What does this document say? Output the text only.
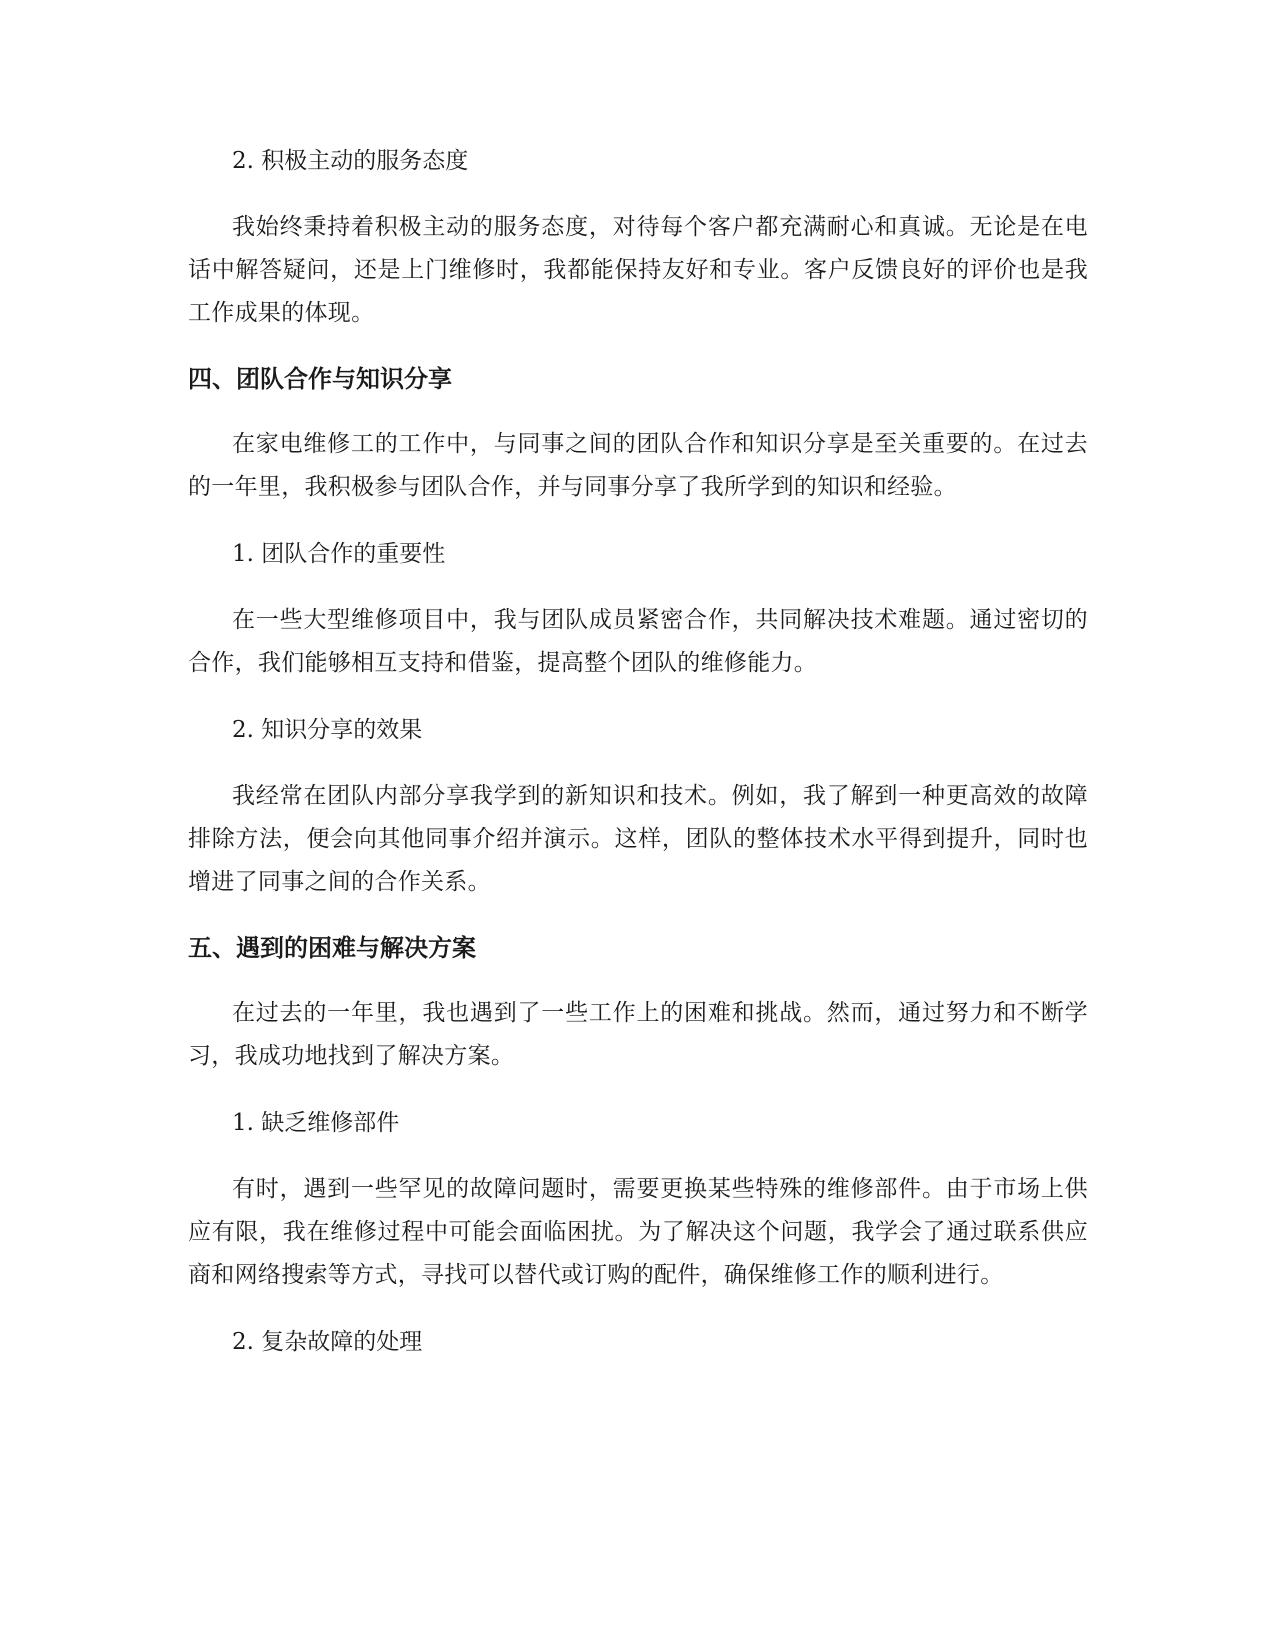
2. 积极主动的服务态度

我始终秉持着积极主动的服务态度，对待每个客户都充满耐心和真诚。无论是在电话中解答疑问，还是上门维修时，我都能保持友好和专业。客户反馈良好的评价也是我工作成果的体现。

四、团队合作与知识分享

在家电维修工的工作中，与同事之间的团队合作和知识分享是至关重要的。在过去的一年里，我积极参与团队合作，并与同事分享了我所学到的知识和经验。

1. 团队合作的重要性

在一些大型维修项目中，我与团队成员紧密合作，共同解决技术难题。通过密切的合作，我们能够相互支持和借鉴，提高整个团队的维修能力。

2. 知识分享的效果

我经常在团队内部分享我学到的新知识和技术。例如，我了解到一种更高效的故障排除方法，便会向其他同事介绍并演示。这样，团队的整体技术水平得到提升，同时也增进了同事之间的合作关系。

五、遇到的困难与解决方案

在过去的一年里，我也遇到了一些工作上的困难和挑战。然而，通过努力和不断学习，我成功地找到了解决方案。

1. 缺乏维修部件

有时，遇到一些罕见的故障问题时，需要更换某些特殊的维修部件。由于市场上供应有限，我在维修过程中可能会面临困扰。为了解决这个问题，我学会了通过联系供应商和网络搜索等方式，寻找可以替代或订购的配件，确保维修工作的顺利进行。

2. 复杂故障的处理
